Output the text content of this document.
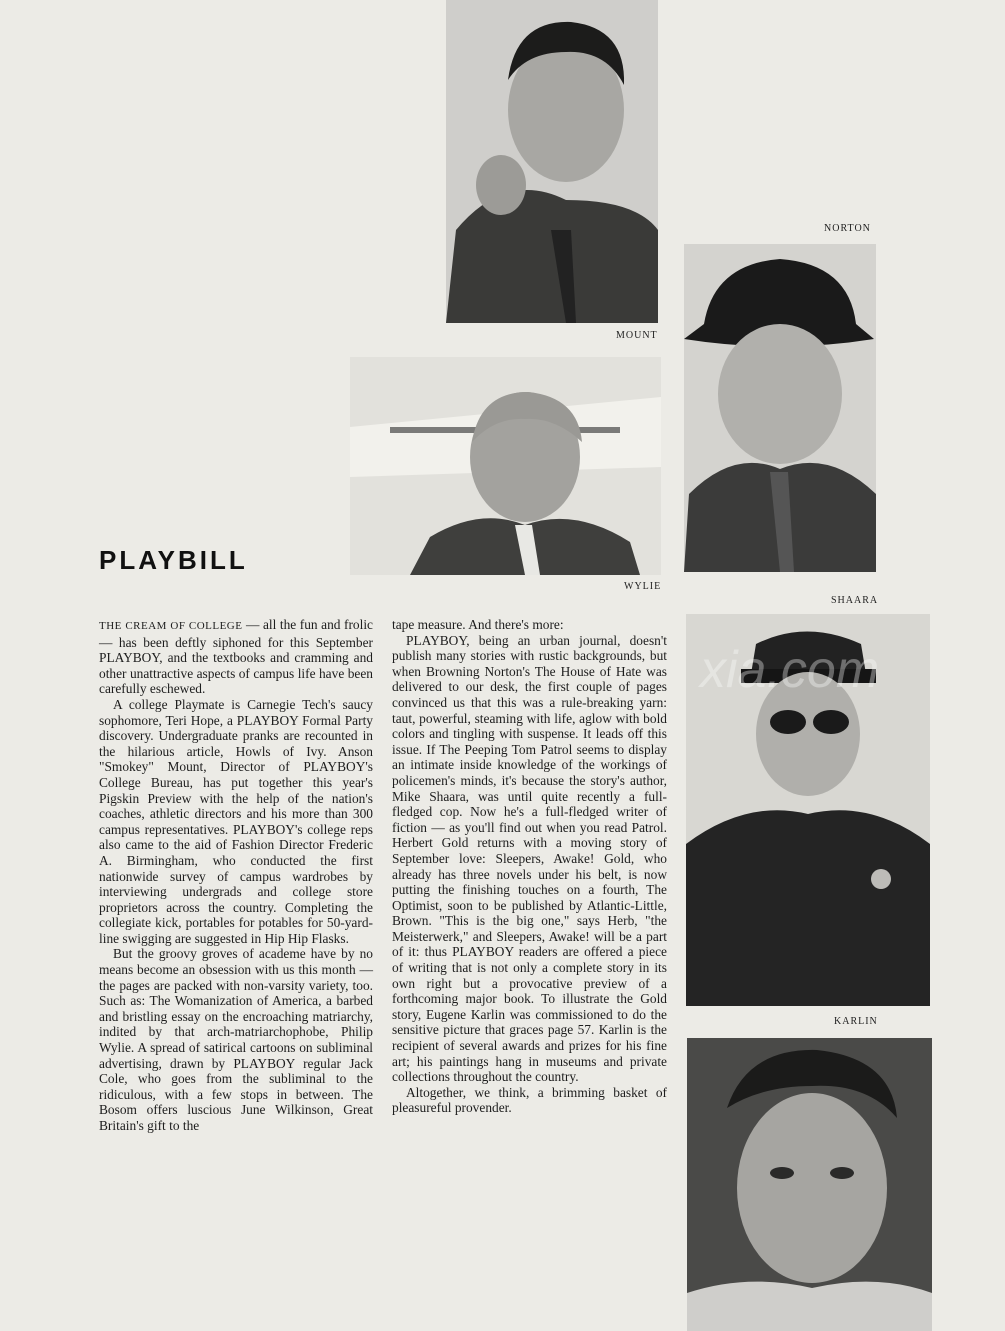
MOUNT
NORTON
WYLIE
SHAARA
KARLIN
PLAYBILL

THE CREAM OF COLLEGE — all the fun and frolic — has been deftly siphoned for this September PLAYBOY, and the textbooks and cramming and other unattractive aspects of campus life have been carefully eschewed.

A college Playmate is Carnegie Tech's saucy sophomore, Teri Hope, a PLAYBOY Formal Party discovery. Undergraduate pranks are recounted in the hilarious article, Howls of Ivy. Anson "Smokey" Mount, Director of PLAYBOY's College Bureau, has put together this year's Pigskin Preview with the help of the nation's coaches, athletic directors and his more than 300 campus representatives. PLAYBOY's college reps also came to the aid of Fashion Director Frederic A. Birmingham, who conducted the first nationwide survey of campus wardrobes by interviewing undergrads and college store proprietors across the country. Completing the collegiate kick, portables for potables for 50-yard-line swigging are suggested in Hip Hip Flasks.

But the groovy groves of academe have by no means become an obsession with us this month — the pages are packed with non-varsity variety, too. Such as: The Womanization of America, a barbed and bristling essay on the encroaching matriarchy, indited by that arch-matriarchophobe, Philip Wylie. A spread of satirical cartoons on subliminal advertising, drawn by PLAYBOY regular Jack Cole, who goes from the subliminal to the ridiculous, with a few stops in between. The Bosom offers luscious June Wilkinson, Great Britain's gift to the

tape measure. And there's more:

PLAYBOY, being an urban journal, doesn't publish many stories with rustic backgrounds, but when Browning Norton's The House of Hate was delivered to our desk, the first couple of pages convinced us that this was a rule-breaking yarn: taut, powerful, steaming with life, aglow with bold colors and tingling with suspense. It leads off this issue. If The Peeping Tom Patrol seems to display an intimate inside knowledge of the workings of policemen's minds, it's because the story's author, Mike Shaara, was until quite recently a full-fledged cop. Now he's a full-fledged writer of fiction — as you'll find out when you read Patrol. Herbert Gold returns with a moving story of September love: Sleepers, Awake! Gold, who already has three novels under his belt, is now putting the finishing touches on a fourth, The Optimist, soon to be published by Atlantic-Little, Brown. "This is the big one," says Herb, "the Meisterwerk," and Sleepers, Awake! will be a part of it: thus PLAYBOY readers are offered a piece of writing that is not only a complete story in its own right but a provocative preview of a forthcoming major book. To illustrate the Gold story, Eugene Karlin was commissioned to do the sensitive picture that graces page 57. Karlin is the recipient of several awards and prizes for his fine art; his paintings hang in museums and private collections throughout the country.

Altogether, we think, a brimming basket of pleasureful provender.

xia.com
